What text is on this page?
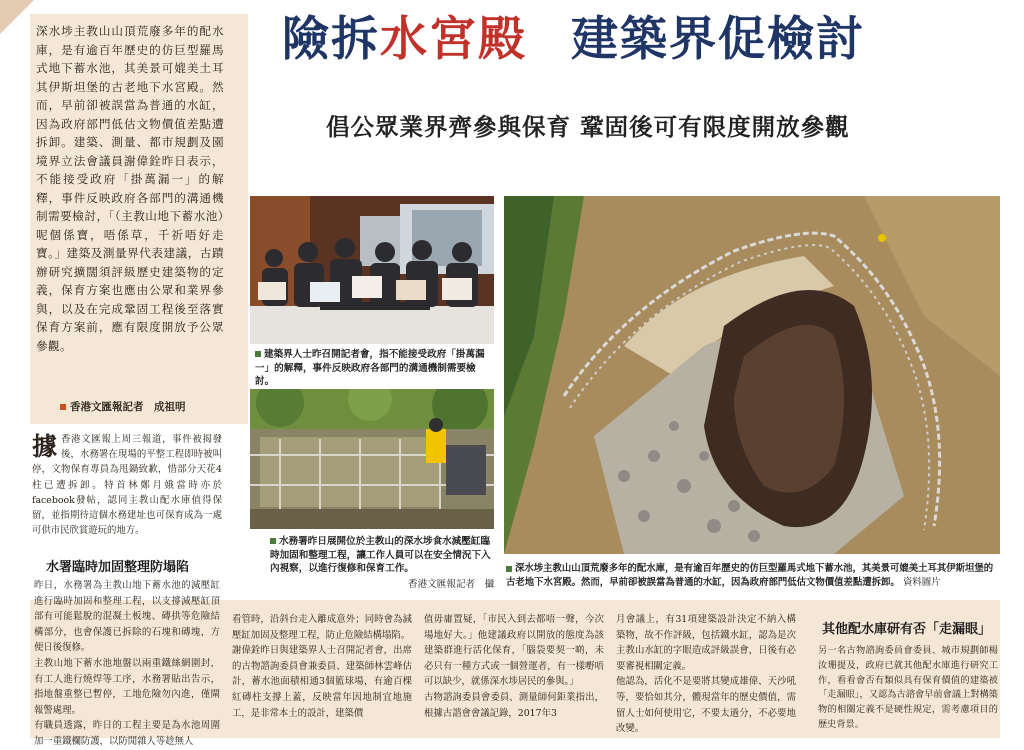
深水埗主教山山頂荒廢多年的配水庫，是有逾百年歷史的仿巨型羅馬式地下蓄水池，其美景可媲美土耳其伊斯坦堡的古老地下水宮殿。然而，早前卻被誤當為普通的水缸，因為政府部門低估文物價值差點遭拆卸。建築、測量、都市規劃及園境界立法會議員謝偉銓昨日表示，不能接受政府「掛萬漏一」的解釋，事件反映政府各部門的溝通機制需要檢討，「（主教山地下蓄水池）呢個係寶，唔係草，千祈唔好走寶。」建築及測量界代表建議，古蹟辦研究擴闊須評級歷史建築物的定義，保育方案也應由公眾和業界參與，以及在完成鞏固工程後至落實保育方案前，應有限度開放予公眾參觀。

香港文匯報記者　成祖明
險拆水宮殿 建築界促檢討
倡公眾業界齊參與保育 鞏固後可有限度開放參觀
建築界人士昨召開記者會，指不能接受政府「掛萬漏一」的解釋，事件反映政府各部門的溝通機制需要檢討。
水務署昨日展開位於主教山的深水埗食水減壓缸臨時加固和整理工程，讓工作人員可以在安全情況下入內視察，以進行復修和保育工作。
香港文匯報記者　攝
深水埗主教山山頂荒廢多年的配水庫，是有逾百年歷史的仿巨型羅馬式地下蓄水池，其美景可媲美土耳其伊斯坦堡的古老地下水宮殿。然而，早前卻被誤當為普通的水缸，因為政府部門低估文物價值差點遭拆卸。 資料圖片
據 香港文匯報上周三報道，事件被揭發後，水務署在現場的平整工程即時被叫停，文物保育專員為甩鍋致歉，惜部分天花4柱已遭拆卸。特首林鄭月娥當時亦於facebook發帖，認同主教山配水庫值得保留，並指期待這個水務建址也可保育成為一處可供市民欣賞遊玩的地方。

水署臨時加固整理防塌陷

昨日，水務署為主教山地下蓄水池的減壓缸進行臨時加固和整理工程，以支撐減壓缸頂部有可能鬆脫的混凝土板塊、磚拱等危險結構部分，也會保護已拆除的石塊和磚塊，方便日後復修。

主教山地下蓄水池地盤以兩重鐵絲網圍封，有工人進行燒焊等工序，水務署貼出告示，指地盤重整已暫停，工地危險勿內進，僅閘報警處理。

有職員透露，昨日的工程主要是為水池周圍加一重鐵欄防護，以防閒雜人等趁無人

看管時，沿斜台走入離成意外；同時會為減壓缸加固及整理工程，防止危險結構塌陷。

謝偉銓昨日與建築界人士召開記者會，出席的古物諮詢委員會兼委員、建築師林雲峰估計，蓄水池面積相通3個籃球場，有逾百棵紅磚柱支撐上蓋，反映當年因地制宜地施工，是非常本土的設計，建築價

值毋庸置疑，「市民入到去都唔一聲，今次場地好大。」他建議政府以開放的態度為該建築群進行活化保育，「腦袋要契一啲，未必只有一種方式或一個營運者，有一樣嘢唔可以缺少，就係深水埗居民的參與。」

古物諮詢委員會委員、測量師何鉅業指出，根據古諮會會議記錄，2017年3

月會議上，有31項建築設計決定不納入構築物，故不作評級，包括鐵水缸，認為是次主教山水缸的字眼造成評級誤會，日後有必要審視相關定義。

他認為，活化不是要將其變成雄偉、天沙吼等，要恰如其分，體現當年的歷史價值，需留人士如何使用它，不要太過分，不必要地改變。

其他配水庫研有否「走漏眼」

另一名古物諮詢委員會委員、城市規劃師楊汝珊提及，政府已就其他配水庫進行研究工作，看看會否有類似具有保育價值的建築被「走漏眼」，又認為古諮會早前會議上對構築物的相關定義不是硬性規定，需考慮項目的歷史背景。
